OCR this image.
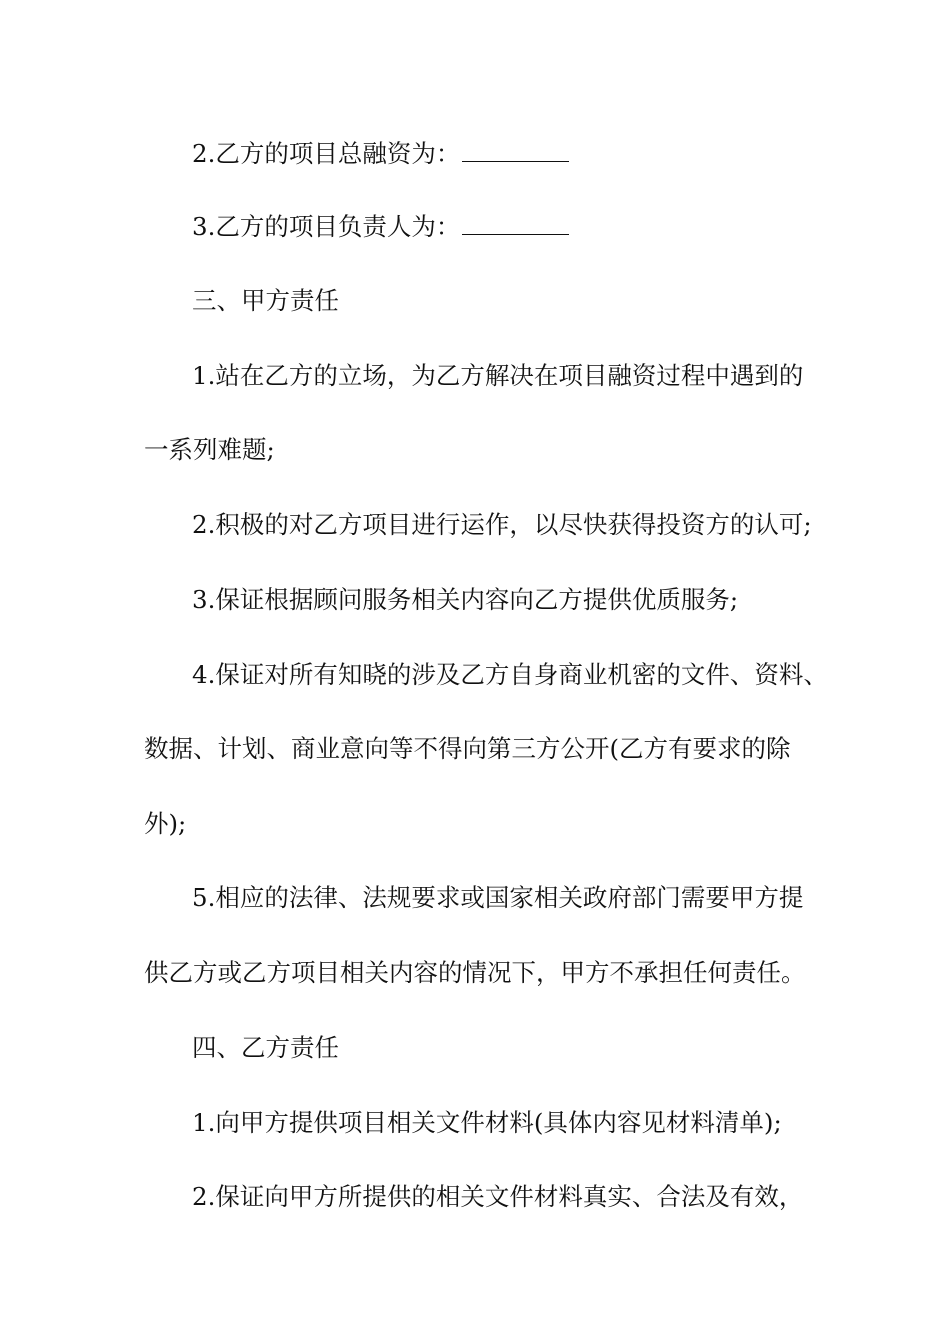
2.乙方的项目总融资为：
3.乙方的项目负责人为：
三、甲方责任
1.站在乙方的立场，为乙方解决在项目融资过程中遇到的
一系列难题;
2.积极的对乙方项目进行运作，以尽快获得投资方的认可;
3.保证根据顾问服务相关内容向乙方提供优质服务;
4.保证对所有知晓的涉及乙方自身商业机密的文件、资料、
数据、计划、商业意向等不得向第三方公开(乙方有要求的除
外);
5.相应的法律、法规要求或国家相关政府部门需要甲方提
供乙方或乙方项目相关内容的情况下，甲方不承担任何责任。
四、乙方责任
1.向甲方提供项目相关文件材料(具体内容见材料清单);
2.保证向甲方所提供的相关文件材料真实、合法及有效，
